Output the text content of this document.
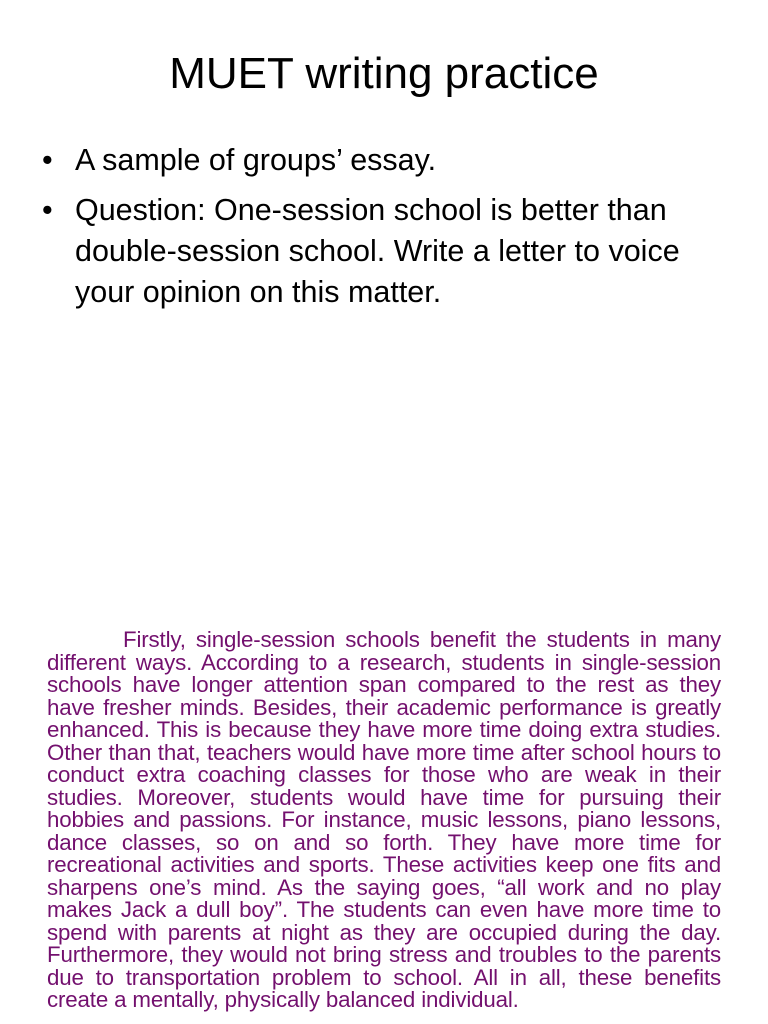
MUET writing practice
• A sample of groups’ essay.
• Question: One-session school is better than double-session school. Write a letter to voice your opinion on this matter.

Firstly, single-session schools benefit the students in many different ways. According to a research, students in single-session schools have longer attention span compared to the rest as they have fresher minds. Besides, their academic performance is greatly enhanced. This is because they have more time doing extra studies. Other than that, teachers would have more time after school hours to conduct extra coaching classes for those who are weak in their studies. Moreover, students would have time for pursuing their hobbies and passions. For instance, music lessons, piano lessons, dance classes, so on and so forth. They have more time for recreational activities and sports. These activities keep one fits and sharpens one’s mind. As the saying goes, “all work and no play makes Jack a dull boy”. The students can even have more time to spend with parents at night as they are occupied during the day. Furthermore, they would not bring stress and troubles to the parents due to transportation problem to school. All in all, these benefits create a mentally, physically balanced individual.
